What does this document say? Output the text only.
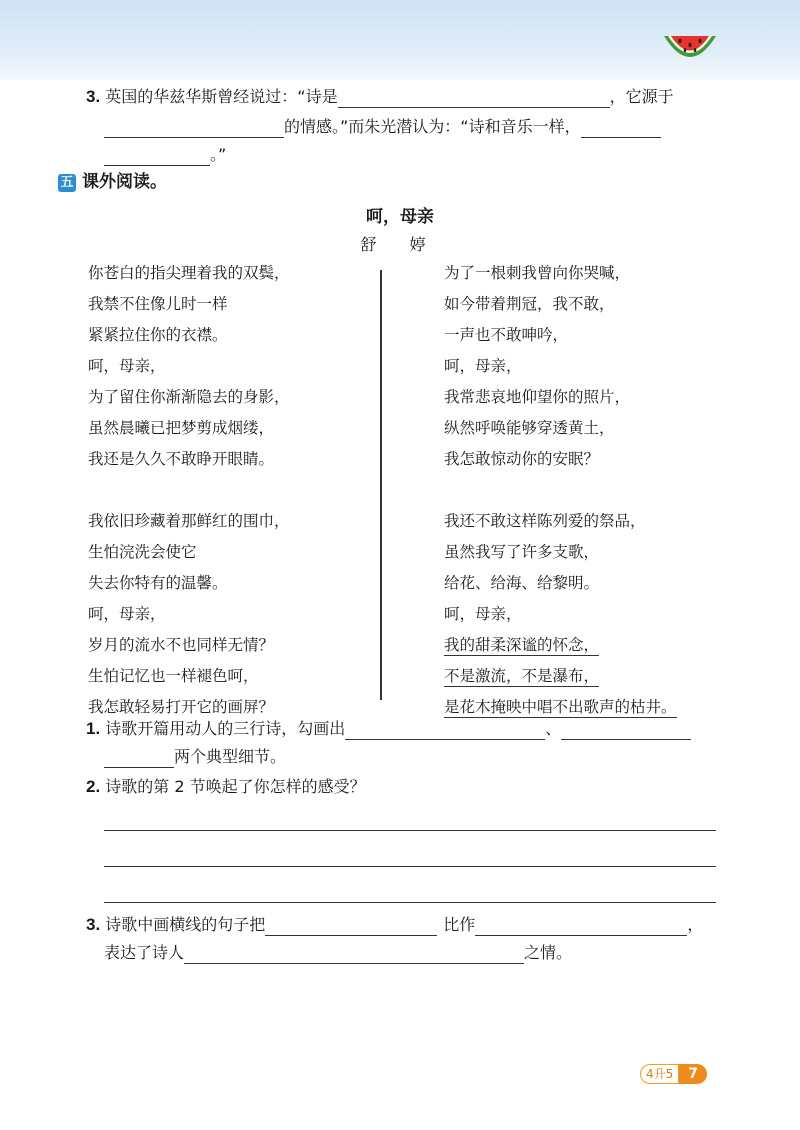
3. 英国的华兹华斯曾经说过：“诗是	，它源于
的情感。”而朱光潜认为：“诗和音乐一样，
。”
五 课外阅读。
呵，母亲
舒 婷
你苍白的指尖理着我的双鬓，
我禁不住像儿时一样
紧紧拉住你的衣襟。
呵，母亲，
为了留住你渐渐隐去的身影，
虽然晨曦已把梦剪成烟缕，
我还是久久不敢睁开眼睛。
我依旧珍藏着那鲜红的围巾，
生怕浣洗会使它
失去你特有的温馨。
呵，母亲，
岁月的流水不也同样无情？
生怕记忆也一样褪色呵，
我怎敢轻易打开它的画屏？
为了一根刺我曾向你哭喊，
如今带着荆冠，我不敢，
一声也不敢呻吟，
呵，母亲，
我常悲哀地仰望你的照片，
纵然呼唤能够穿透黄土，
我怎敢惊动你的安眠？
我还不敢这样陈列爱的祭品，
虽然我写了许多支歌，
给花、给海、给黎明。
呵，母亲，
我的甜柔深谧的怀念，
不是激流，不是瀑布，
是花木掩映中唱不出歌声的枯井。
1. 诗歌开篇用动人的三行诗，勾画出	、
两个典型细节。
2. 诗歌的第 2 节唤起了你怎样的感受？
3. 诗歌中画横线的句子把	比作	，
表达了诗人	之情。
4升5	7
